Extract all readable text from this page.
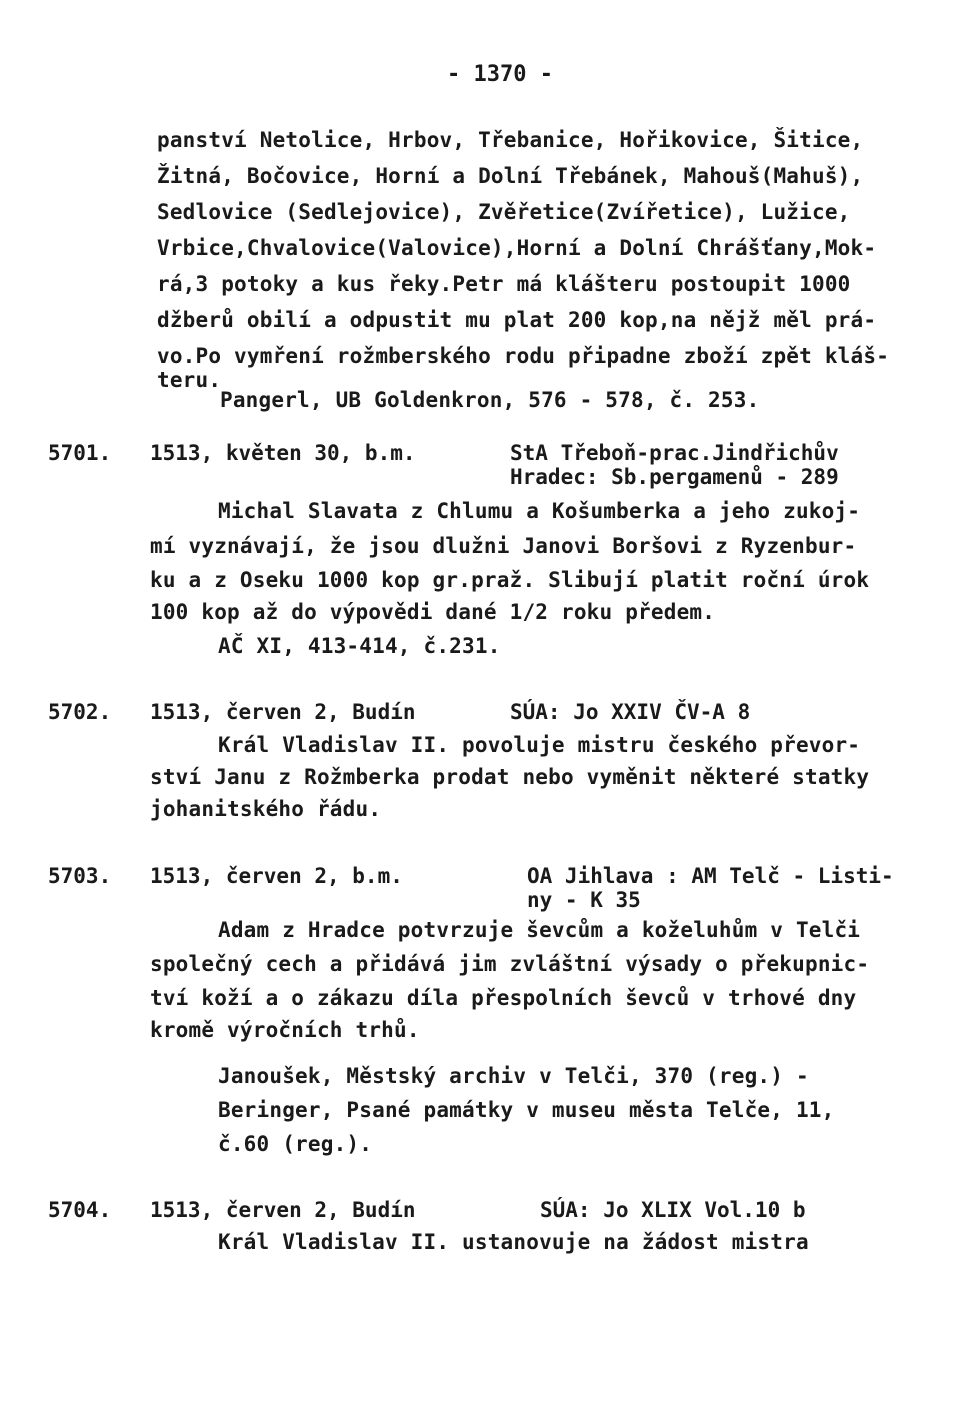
- 1370 -
panství Netolice, Hrbov, Třebanice, Hořikovice, Šitice,
Žitná, Bočovice, Horní a Dolní Třebánek, Mahouš(Mahuš),
Sedlovice (Sedlejovice), Zvěřetice(Zvířetice), Lužice,
Vrbice,Chvalovice(Valovice),Horní a Dolní Chrášťany,Mok-
rá,3 potoky a kus řeky.Petr má klášteru postoupit 1000
džberů obilí a odpustit mu plat 200 kop,na nějž měl prá-
vo.Po vymření rožmberského rodu připadne zboží zpět kláš-
teru.
Pangerl, UB Goldenkron, 576 - 578, č. 253.
5701. 1513, květen 30, b.m.	StA Třeboň-prac.Jindřichův
Hradec: Sb.pergamenů - 289
Michal Slavata z Chlumu a Košumberka a jeho zukoj-
mí vyznávají, že jsou dlužni Janovi Boršovi z Ryzenbur-
ku a z Oseku 1000 kop gr.praž. Slibují platit roční úrok
100 kop až do výpovědi dané 1/2 roku předem.
AČ XI, 413-414, č.231.
5702. 1513, červen 2, Budín	SÚA: Jo XXIV ČV-A 8
Král Vladislav II. povoluje mistru českého převor-
ství Janu z Rožmberka prodat nebo vyměnit některé statky
johanitského řádu.
5703. 1513, červen 2, b.m.	OA Jihlava : AM Telč - Listi-
ny - K 35
Adam z Hradce potvrzuje ševcům a koželuhům v Telči
společný cech a přidává jim zvláštní výsady o překupnic-
tví koží a o zákazu díla přespolních ševců v trhové dny
kromě výročních trhů.
Janoušek, Městský archiv v Telči, 370 (reg.) -
Beringer, Psané památky v museu města Telče, 11,
č.60 (reg.).
5704. 1513, červen 2, Budín	SÚA: Jo XLIX Vol.10 b
Král Vladislav II. ustanovuje na žádost mistra
